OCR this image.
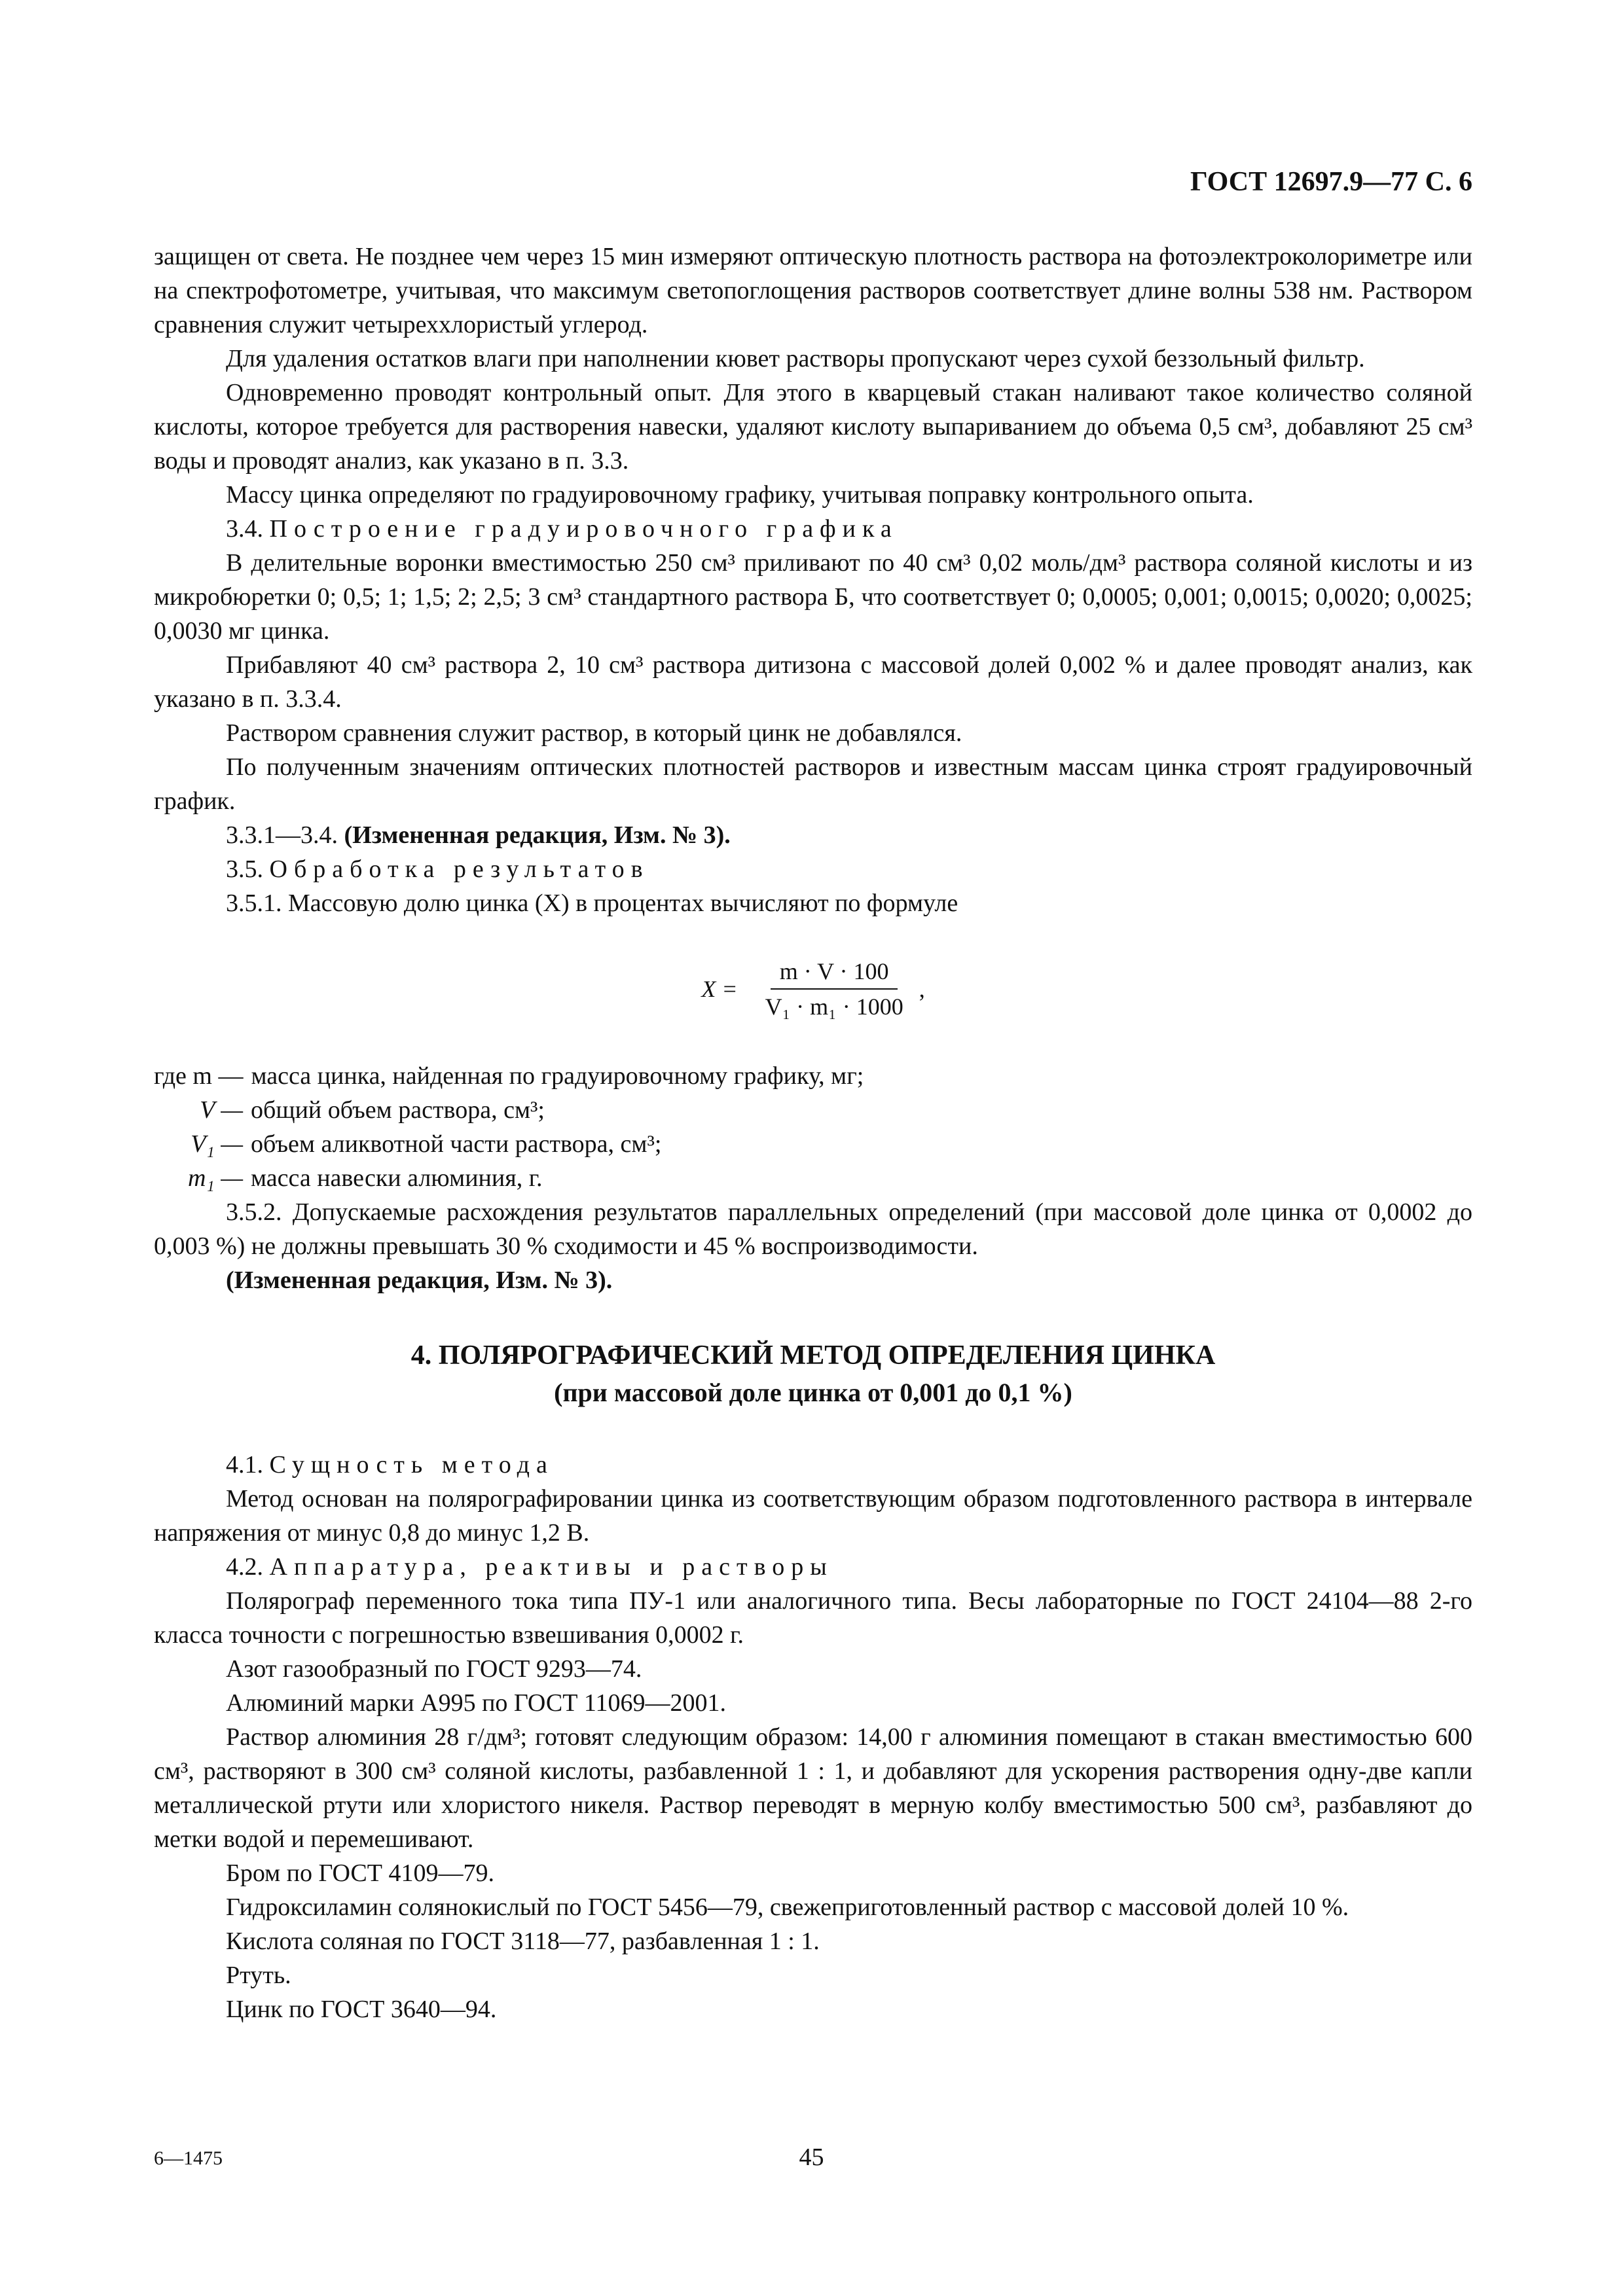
ГОСТ 12697.9—77 С. 6

защищен от света. Не позднее чем через 15 мин измеряют оптическую плотность раствора на фотоэлектроколориметре или на спектрофотометре, учитывая, что максимум светопоглощения растворов соответствует длине волны 538 нм. Раствором сравнения служит четыреххлористый углерод.

Для удаления остатков влаги при наполнении кювет растворы пропускают через сухой беззольный фильтр.

Одновременно проводят контрольный опыт. Для этого в кварцевый стакан наливают такое количество соляной кислоты, которое требуется для растворения навески, удаляют кислоту выпариванием до объема 0,5 см³, добавляют 25 см³ воды и проводят анализ, как указано в п. 3.3.

Массу цинка определяют по градуировочному графику, учитывая поправку контрольного опыта.

3.4. Построение градуировочного графика

В делительные воронки вместимостью 250 см³ приливают по 40 см³ 0,02 моль/дм³ раствора соляной кислоты и из микробюретки 0; 0,5; 1; 1,5; 2; 2,5; 3 см³ стандартного раствора Б, что соответствует 0; 0,0005; 0,001; 0,0015; 0,0020; 0,0025; 0,0030 мг цинка.

Прибавляют 40 см³ раствора 2, 10 см³ раствора дитизона с массовой долей 0,002 % и далее проводят анализ, как указано в п. 3.3.4.

Раствором сравнения служит раствор, в который цинк не добавлялся.

По полученным значениям оптических плотностей растворов и известным массам цинка строят градуировочный график.

3.3.1—3.4. (Измененная редакция, Изм. № 3).

3.5. Обработка результатов

3.5.1. Массовую долю цинка (X) в процентах вычисляют по формуле

$X = \frac{m \cdot V \cdot 100}{\text{V₁ · m₁ · 1000}}$ ,
где m — масса цинка, найденная по градуировочному графику, мг;
V — общий объем раствора, см³;
V₁ — объем аликвотной части раствора, см³;
m₁ — масса навески алюминия, г.

3.5.2. Допускаемые расхождения результатов параллельных определений (при массовой доле цинка от 0,0002 до 0,003 %) не должны превышать 30 % сходимости и 45 % воспроизводимости.

(Измененная редакция, Изм. № 3).

4. ПОЛЯРОГРАФИЧЕСКИЙ МЕТОД ОПРЕДЕЛЕНИЯ ЦИНКА
(при массовой доле цинка от 0,001 до 0,1 %)

4.1. Сущность метода

Метод основан на полярографировании цинка из соответствующим образом подготовленного раствора в интервале напряжения от минус 0,8 до минус 1,2 В.

4.2. Аппаратура, реактивы и растворы

Полярограф переменного тока типа ПУ-1 или аналогичного типа. Весы лабораторные по ГОСТ 24104—88 2-го класса точности с погрешностью взвешивания 0,0002 г.

Азот газообразный по ГОСТ 9293—74.

Алюминий марки А995 по ГОСТ 11069—2001.

Раствор алюминия 28 г/дм³; готовят следующим образом: 14,00 г алюминия помещают в стакан вместимостью 600 см³, растворяют в 300 см³ соляной кислоты, разбавленной 1 : 1, и добавляют для ускорения растворения одну-две капли металлической ртути или хлористого никеля. Раствор переводят в мерную колбу вместимостью 500 см³, разбавляют до метки водой и перемешивают.

Бром по ГОСТ 4109—79.

Гидроксиламин солянокислый по ГОСТ 5456—79, свежеприготовленный раствор с массовой долей 10 %.

Кислота соляная по ГОСТ 3118—77, разбавленная 1 : 1.

Ртуть.

Цинк по ГОСТ 3640—94.

6—1475	45
